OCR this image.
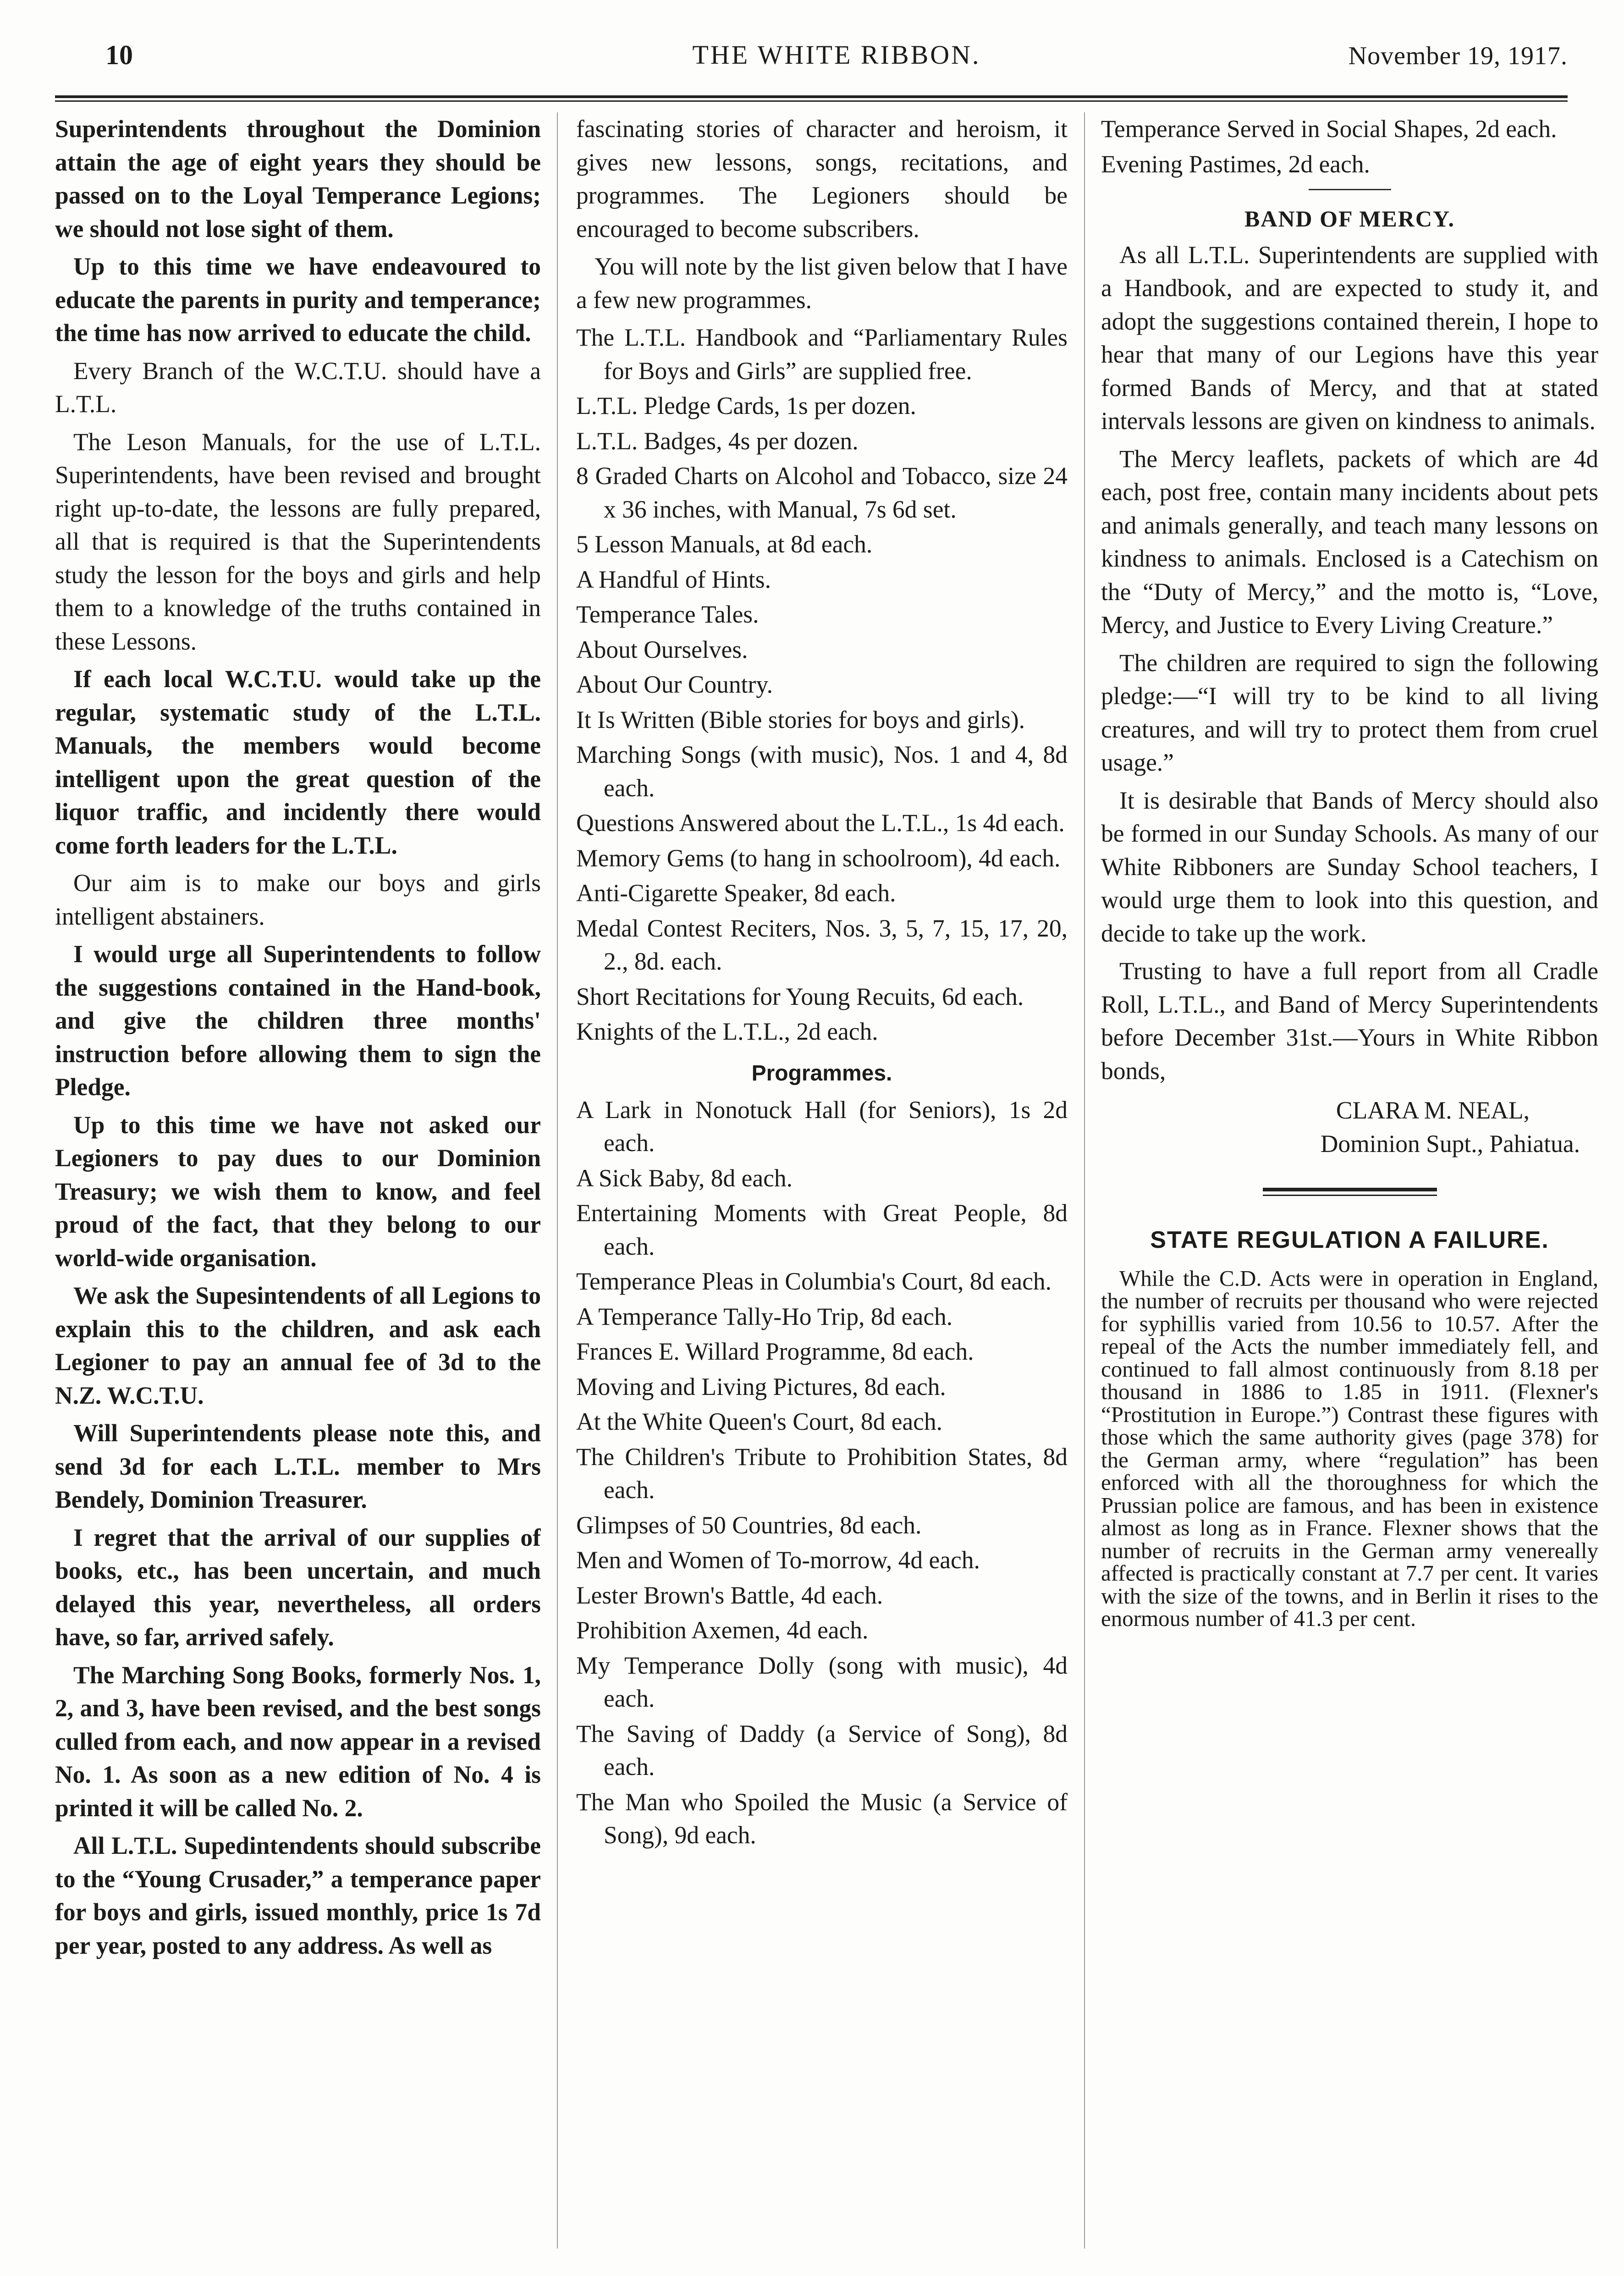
10	THE WHITE RIBBON.	November 19, 1917.

Superintendents throughout the Dominion attain the age of eight years they should be passed on to the Loyal Temperance Legions; we should not lose sight of them.

Up to this time we have endeavoured to educate the parents in purity and temperance; the time has now arrived to educate the child.

Every Branch of the W.C.T.U. should have a L.T.L.

The Leson Manuals, for the use of L.T.L. Superintendents, have been revised and brought right up-to-date, the lessons are fully prepared, all that is required is that the Superintendents study the lesson for the boys and girls and help them to a knowledge of the truths contained in these Lessons.

If each local W.C.T.U. would take up the regular, systematic study of the L.T.L. Manuals, the members would become intelligent upon the great question of the liquor traffic, and incidently there would come forth leaders for the L.T.L.

Our aim is to make our boys and girls intelligent abstainers.

I would urge all Superintendents to follow the suggestions contained in the Hand-book, and give the children three months' instruction before allowing them to sign the Pledge.

Up to this time we have not asked our Legioners to pay dues to our Dominion Treasury; we wish them to know, and feel proud of the fact, that they belong to our world-wide organisation.

We ask the Supesintendents of all Legions to explain this to the children, and ask each Legioner to pay an annual fee of 3d to the N.Z. W.C.T.U.

Will Superintendents please note this, and send 3d for each L.T.L. member to Mrs Bendely, Dominion Treasurer.

I regret that the arrival of our supplies of books, etc., has been uncertain, and much delayed this year, nevertheless, all orders have, so far, arrived safely.

The Marching Song Books, formerly Nos. 1, 2, and 3, have been revised, and the best songs culled from each, and now appear in a revised No. 1. As soon as a new edition of No. 4 is printed it will be called No. 2.

All L.T.L. Supedintendents should subscribe to the “Young Crusader,” a temperance paper for boys and girls, issued monthly, price 1s 7d per year, posted to any address. As well as

fascinating stories of character and heroism, it gives new lessons, songs, recitations, and programmes. The Legioners should be encouraged to become subscribers.

You will note by the list given below that I have a few new programmes.

The L.T.L. Handbook and “Parliamentary Rules for Boys and Girls” are supplied free.
L.T.L. Pledge Cards, 1s per dozen.
L.T.L. Badges, 4s per dozen.
8 Graded Charts on Alcohol and Tobacco, size 24 x 36 inches, with Manual, 7s 6d set.
5 Lesson Manuals, at 8d each.
A Handful of Hints.
Temperance Tales.
About Ourselves.
About Our Country.
It Is Written (Bible stories for boys and girls).
Marching Songs (with music), Nos. 1 and 4, 8d each.
Questions Answered about the L.T.L., 1s 4d each.
Memory Gems (to hang in schoolroom), 4d each.
Anti-Cigarette Speaker, 8d each.
Medal Contest Reciters, Nos. 3, 5, 7, 15, 17, 20, 2., 8d. each.
Short Recitations for Young Recuits, 6d each.
Knights of the L.T.L., 2d each.
Programmes.
A Lark in Nonotuck Hall (for Seniors), 1s 2d each.
A Sick Baby, 8d each.
Entertaining Moments with Great People, 8d each.
Temperance Pleas in Columbia's Court, 8d each.
A Temperance Tally-Ho Trip, 8d each.
Frances E. Willard Programme, 8d each.
Moving and Living Pictures, 8d each.
At the White Queen's Court, 8d each.
The Children's Tribute to Prohibition States, 8d each.
Glimpses of 50 Countries, 8d each.
Men and Women of To-morrow, 4d each.
Lester Brown's Battle, 4d each.
Prohibition Axemen, 4d each.
My Temperance Dolly (song with music), 4d each.
The Saving of Daddy (a Service of Song), 8d each.
The Man who Spoiled the Music (a Service of Song), 9d each.
Temperance Served in Social Shapes, 2d each.
Evening Pastimes, 2d each.
BAND OF MERCY.

As all L.T.L. Superintendents are supplied with a Handbook, and are expected to study it, and adopt the suggestions contained therein, I hope to hear that many of our Legions have this year formed Bands of Mercy, and that at stated intervals lessons are given on kindness to animals.

The Mercy leaflets, packets of which are 4d each, post free, contain many incidents about pets and animals generally, and teach many lessons on kindness to animals. Enclosed is a Catechism on the “Duty of Mercy,” and the motto is, “Love, Mercy, and Justice to Every Living Creature.”

The children are required to sign the following pledge:—“I will try to be kind to all living creatures, and will try to protect them from cruel usage.”

It is desirable that Bands of Mercy should also be formed in our Sunday Schools. As many of our White Ribboners are Sunday School teachers, I would urge them to look into this question, and decide to take up the work.

Trusting to have a full report from all Cradle Roll, L.T.L., and Band of Mercy Superintendents before December 31st.—Yours in White Ribbon bonds,

CLARA M. NEAL,
Dominion Supt., Pahiatua.
STATE REGULATION A FAILURE.

While the C.D. Acts were in operation in England, the number of recruits per thousand who were rejected for syphillis varied from 10.56 to 10.57. After the repeal of the Acts the number immediately fell, and continued to fall almost continuously from 8.18 per thousand in 1886 to 1.85 in 1911. (Flexner's “Prostitution in Europe.”) Contrast these figures with those which the same authority gives (page 378) for the German army, where “regulation” has been enforced with all the thoroughness for which the Prussian police are famous, and has been in existence almost as long as in France. Flexner shows that the number of recruits in the German army venereally affected is practically constant at 7.7 per cent. It varies with the size of the towns, and in Berlin it rises to the enormous number of 41.3 per cent.
